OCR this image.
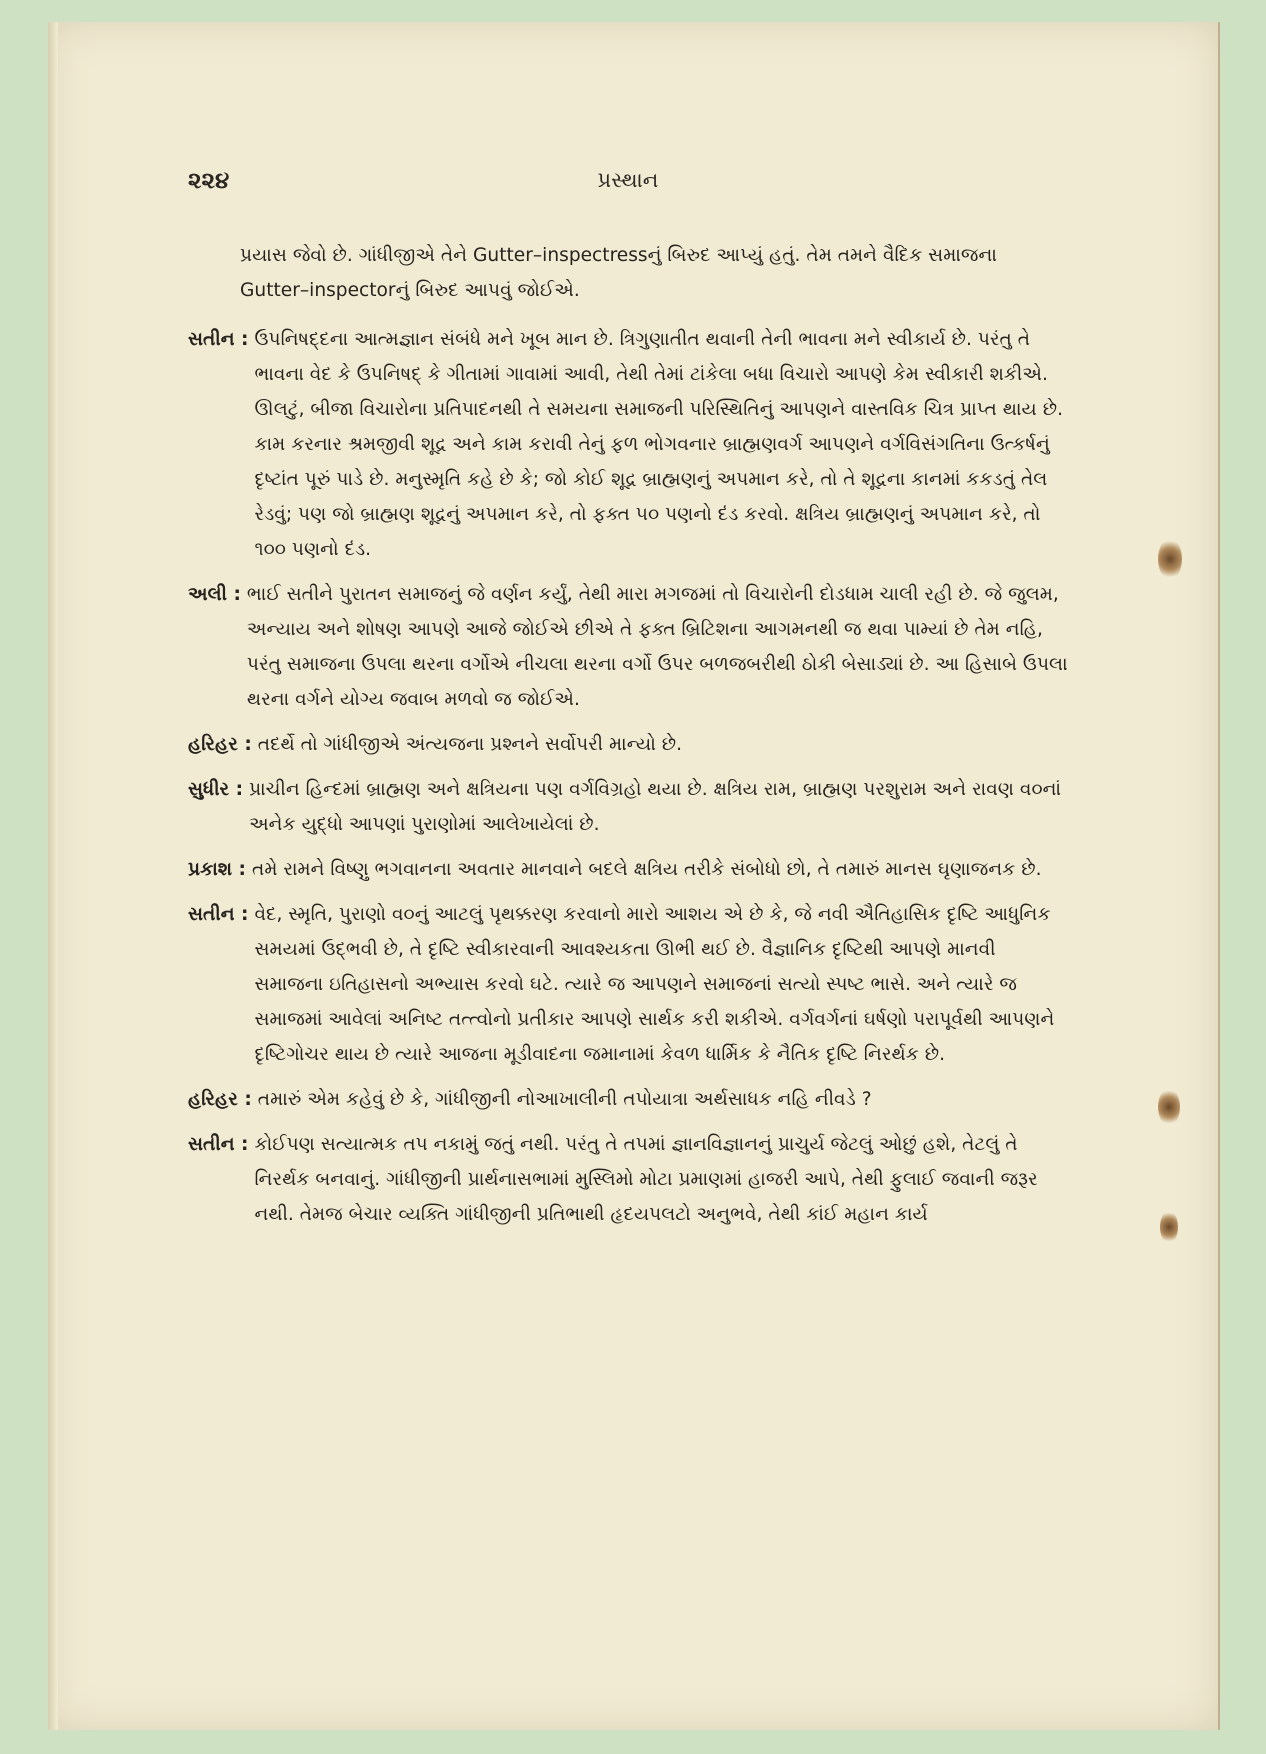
૨૨૪	પ્રસ્થાન

પ્રયાસ જેવો છે. ગાંધીજીએ તેને Gutter–inspectressનું બિરુદ આપ્યું હતું. તેમ તમને વૈદિક સમાજના Gutter–inspectorનું બિરુદ આપવું જોઈએ.

સતીન : ઉપનિષદ્દના આત્મજ્ઞાન સંબંધે મને ખૂબ માન છે. ત્રિગુણાતીત થવાની તેની ભાવના મને સ્વીકાર્ય છે. પરંતુ તે ભાવના વેદ કે ઉપનિષદ્ કે ગીતામાં ગાવામાં આવી, તેથી તેમાં ટાંકેલા બધા વિચારો આપણે કેમ સ્વીકારી શકીએ. ઊલટું, બીજા વિચારોના પ્રતિપાદનથી તે સમયના સમાજની પરિસ્થિતિનું આપણને વાસ્તવિક ચિત્ર પ્રાપ્ત થાય છે. કામ કરનાર શ્રમજીવી શૂદ્ર અને કામ કરાવી તેનું ફળ ભોગવનાર બ્રાહ્મણવર્ગ આપણને વર્ગવિસંગતિના ઉત્કર્ષનું દૃષ્ટાંત પૂરું પાડે છે. મનુસ્મૃતિ કહે છે કે; જો કોઈ શૂદ્ર બ્રાહ્મણનું અપમાન કરે, તો તે શૂદ્રના કાનમાં કકડતું તેલ રેડવું; પણ જો બ્રાહ્મણ શૂદ્રનું અપમાન કરે, તો ફક્ત ૫૦ પણનો દંડ કરવો. ક્ષત્રિય બ્રાહ્મણનું અપમાન કરે, તો ૧૦૦ પણનો દંડ.
અલી : ભાઈ સતીને પુરાતન સમાજનું જે વર્ણન કર્યું, તેથી મારા મગજમાં તો વિચારોની દોડધામ ચાલી રહી છે. જે જુલમ, અન્યાય અને શોષણ આપણે આજે જોઈએ છીએ તે ફક્ત બ્રિટિશના આગમનથી જ થવા પામ્યાં છે તેમ નહિ, પરંતુ સમાજના ઉપલા થરના વર્ગોએ નીચલા થરના વર્ગો ઉપર બળજબરીથી ઠોકી બેસાડ્યાં છે. આ હિસાબે ઉપલા થરના વર્ગને યોગ્ય જવાબ મળવો જ જોઈએ.
હરિહર : તદર્થે તો ગાંધીજીએ અંત્યજના પ્રશ્નને સર્વોપરી માન્યો છે.
સુધીર : પ્રાચીન હિન્દમાં બ્રાહ્મણ અને ક્ષત્રિયના પણ વર્ગવિગ્રહો થયા છે. ક્ષત્રિય રામ, બ્રાહ્મણ પરશુરામ અને રાવણ વ૦નાં અનેક યુદ્ધો આપણાં પુરાણોમાં આલેખાયેલાં છે.
પ્રકાશ : તમે રામને વિષ્ણુ ભગવાનના અવતાર માનવાને બદલે ક્ષત્રિય તરીકે સંબોધો છો, તે તમારું માનસ ઘૃણાજનક છે.
સતીન : વેદ, સ્મૃતિ, પુરાણો વ૦નું આટલું પૃથક્કરણ કરવાનો મારો આશય એ છે કે, જે નવી ઐતિહાસિક દૃષ્ટિ આધુનિક સમયમાં ઉદ્ભવી છે, તે દૃષ્ટિ સ્વીકારવાની આવશ્યકતા ઊભી થઈ છે. વૈજ્ઞાનિક દૃષ્ટિથી આપણે માનવી સમાજના ઇતિહાસનો અભ્યાસ કરવો ઘટે. ત્યારે જ આપણને સમાજનાં સત્યો સ્પષ્ટ ભાસે. અને ત્યારે જ સમાજમાં આવેલાં અનિષ્ટ તત્ત્વોનો પ્રતીકાર આપણે સાર્થક કરી શકીએ. વર્ગવર્ગનાં ઘર્ષણો પરાપૂર્વથી આપણને દૃષ્ટિગોચર થાય છે ત્યારે આજના મૂડીવાદના જમાનામાં કેવળ ધાર્મિક કે નૈતિક દૃષ્ટિ નિરર્થક છે.
હરિહર : તમારું એમ કહેવું છે કે, ગાંધીજીની નોઆખાલીની તપોયાત્રા અર્થસાધક નહિ નીવડે ?
સતીન : કોઈપણ સત્યાત્મક તપ નકામું જતું નથી. પરંતુ તે તપમાં જ્ઞાનવિજ્ઞાનનું પ્રાચુર્ય જેટલું ઓછું હશે, તેટલું તે નિરર્થક બનવાનું. ગાંધીજીની પ્રાર્થનાસભામાં મુસ્લિમો મોટા પ્રમાણમાં હાજરી આપે, તેથી ફુલાઈ જવાની જરૂર નથી. તેમજ બેચાર વ્યક્તિ ગાંધીજીની પ્રતિભાથી હૃદયપલટો અનુભવે, તેથી કાંઈ મહાન કાર્ય
